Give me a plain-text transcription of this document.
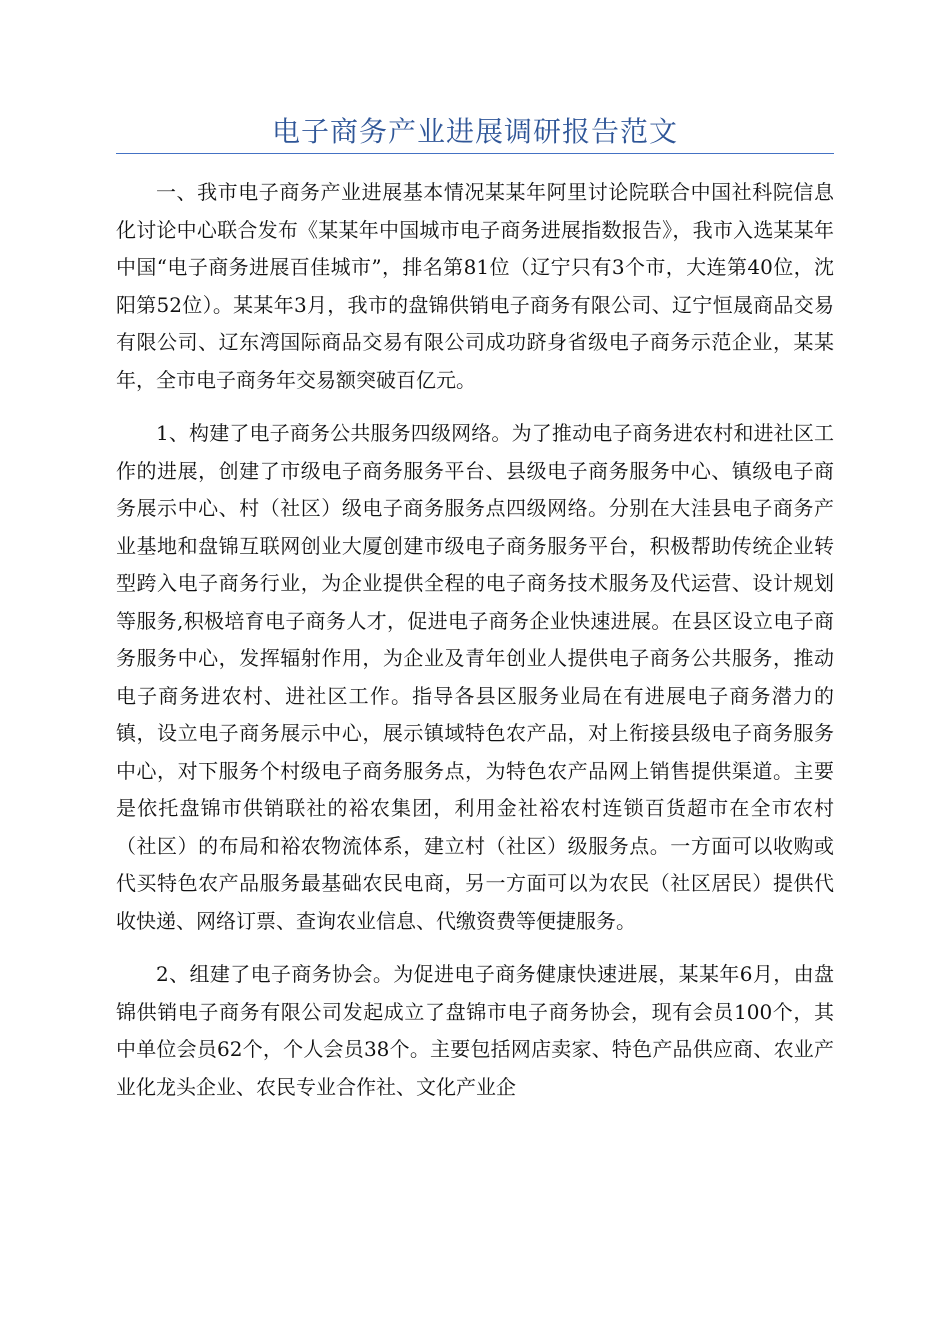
电子商务产业进展调研报告范文

一、我市电子商务产业进展基本情况某某年阿里讨论院联合中国社科院信息化讨论中心联合发布《某某年中国城市电子商务进展指数报告》，我市入选某某年中国“电子商务进展百佳城市”，排名第81位（辽宁只有3个市，大连第40位，沈阳第52位）。某某年3月，我市的盘锦供销电子商务有限公司、辽宁恒晟商品交易有限公司、辽东湾国际商品交易有限公司成功跻身省级电子商务示范企业，某某年，全市电子商务年交易额突破百亿元。

1、构建了电子商务公共服务四级网络。为了推动电子商务进农村和进社区工作的进展，创建了市级电子商务服务平台、县级电子商务服务中心、镇级电子商务展示中心、村（社区）级电子商务服务点四级网络。分别在大洼县电子商务产业基地和盘锦互联网创业大厦创建市级电子商务服务平台，积极帮助传统企业转型跨入电子商务行业，为企业提供全程的电子商务技术服务及代运营、设计规划等服务,积极培育电子商务人才，促进电子商务企业快速进展。在县区设立电子商务服务中心，发挥辐射作用，为企业及青年创业人提供电子商务公共服务，推动电子商务进农村、进社区工作。指导各县区服务业局在有进展电子商务潜力的镇，设立电子商务展示中心，展示镇域特色农产品，对上衔接县级电子商务服务中心，对下服务个村级电子商务服务点，为特色农产品网上销售提供渠道。主要是依托盘锦市供销联社的裕农集团，利用金社裕农村连锁百货超市在全市农村（社区）的布局和裕农物流体系，建立村（社区）级服务点。一方面可以收购或代买特色农产品服务最基础农民电商，另一方面可以为农民（社区居民）提供代收快递、网络订票、查询农业信息、代缴资费等便捷服务。

2、组建了电子商务协会。为促进电子商务健康快速进展，某某年6月，由盘锦供销电子商务有限公司发起成立了盘锦市电子商务协会，现有会员100个，其中单位会员62个，个人会员38个。主要包括网店卖家、特色产品供应商、农业产业化龙头企业、农民专业合作社、文化产业企
